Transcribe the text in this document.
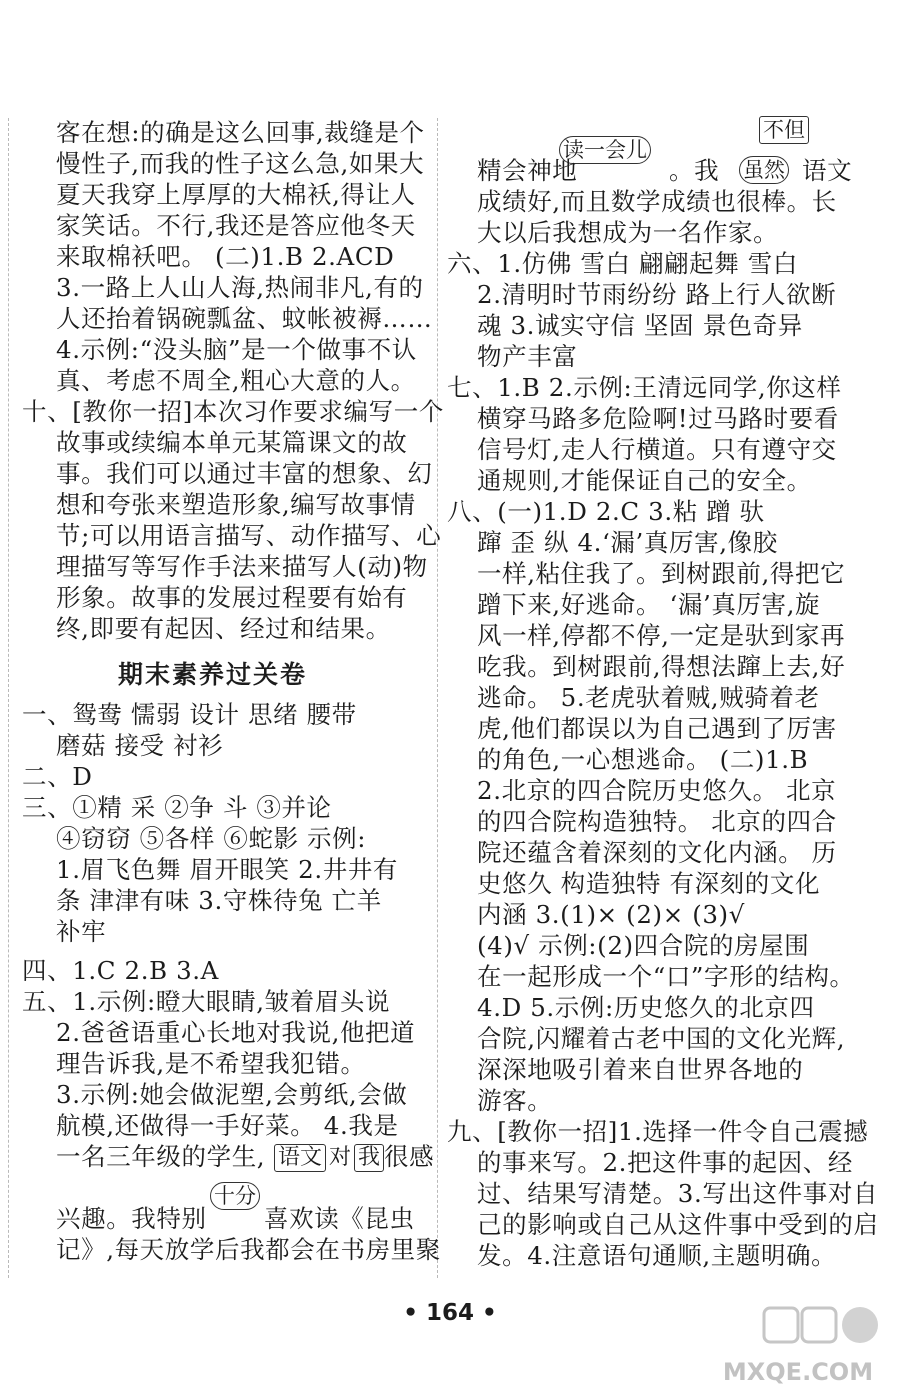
客在想:的确是这么回事,裁缝是个
慢性子,而我的性子这么急,如果大
夏天我穿上厚厚的大棉袄,得让人
家笑话。不行,我还是答应他冬天
来取棉袄吧。 (二)1.B 2.ACD
3.一路上人山人海,热闹非凡,有的
人还抬着锅碗瓢盆、蚊帐被褥……
4.示例:“没头脑”是一个做事不认
真、考虑不周全,粗心大意的人。
十、[教你一招]本次习作要求编写一个
故事或续编本单元某篇课文的故
事。我们可以通过丰富的想象、幻
想和夸张来塑造形象,编写故事情
节;可以用语言描写、动作描写、心
理描写等写作手法来描写人(动)物
形象。故事的发展过程要有始有
终,即要有起因、经过和结果。
期末素养过关卷
一、鸳鸯 懦弱 设计 思绪 腰带
磨菇 接受 衬衫
二、D
三、①精 采 ②争 斗 ③并论
④窃窃 ⑤各样 ⑥蛇影 示例:
1.眉飞色舞 眉开眼笑 2.井井有
条 津津有味 3.守株待兔 亡羊
补牢
四、1.C 2.B 3.A
五、1.示例:瞪大眼睛,皱着眉头说
2.爸爸语重心长地对我说,他把道
理告诉我,是不希望我犯错。
3.示例:她会做泥塑,会剪纸,会做
航模,还做得一手好菜。 4.我是
一名三年级的学生, 语文 对 我 很感
十分
兴趣。我特别 喜欢读《昆虫
记》,每天放学后我都会在书房里聚
不但
读一会儿
虽然
精会神地	。我	语文
成绩好,而且数学成绩也很棒。长
大以后我想成为一名作家。
六、1.仿佛 雪白 翩翩起舞 雪白
2.清明时节雨纷纷 路上行人欲断
魂 3.诚实守信 坚固 景色奇异
物产丰富
七、1.B 2.示例:王清远同学,你这样
横穿马路多危险啊!过马路时要看
信号灯,走人行横道。只有遵守交
通规则,才能保证自己的安全。
八、(一)1.D 2.C 3.粘 蹭 驮
蹿 歪 纵 4.‘漏’真厉害,像胶
一样,粘住我了。到树跟前,得把它
蹭下来,好逃命。 ‘漏’真厉害,旋
风一样,停都不停,一定是驮到家再
吃我。到树跟前,得想法蹿上去,好
逃命。 5.老虎驮着贼,贼骑着老
虎,他们都误以为自己遇到了厉害
的角色,一心想逃命。 (二)1.B
2.北京的四合院历史悠久。 北京
的四合院构造独特。 北京的四合
院还蕴含着深刻的文化内涵。 历
史悠久 构造独特 有深刻的文化
内涵 3.(1)× (2)× (3)√
(4)√ 示例:(2)四合院的房屋围
在一起形成一个“口”字形的结构。
4.D 5.示例:历史悠久的北京四
合院,闪耀着古老中国的文化光辉,
深深地吸引着来自世界各地的
游客。
九、[教你一招]1.选择一件令自己震撼
的事来写。2.把这件事的起因、经
过、结果写清楚。3.写出这件事对自
己的影响或自己从这件事中受到的启
发。4.注意语句通顺,主题明确。
• 164 •
MXQE.COM
